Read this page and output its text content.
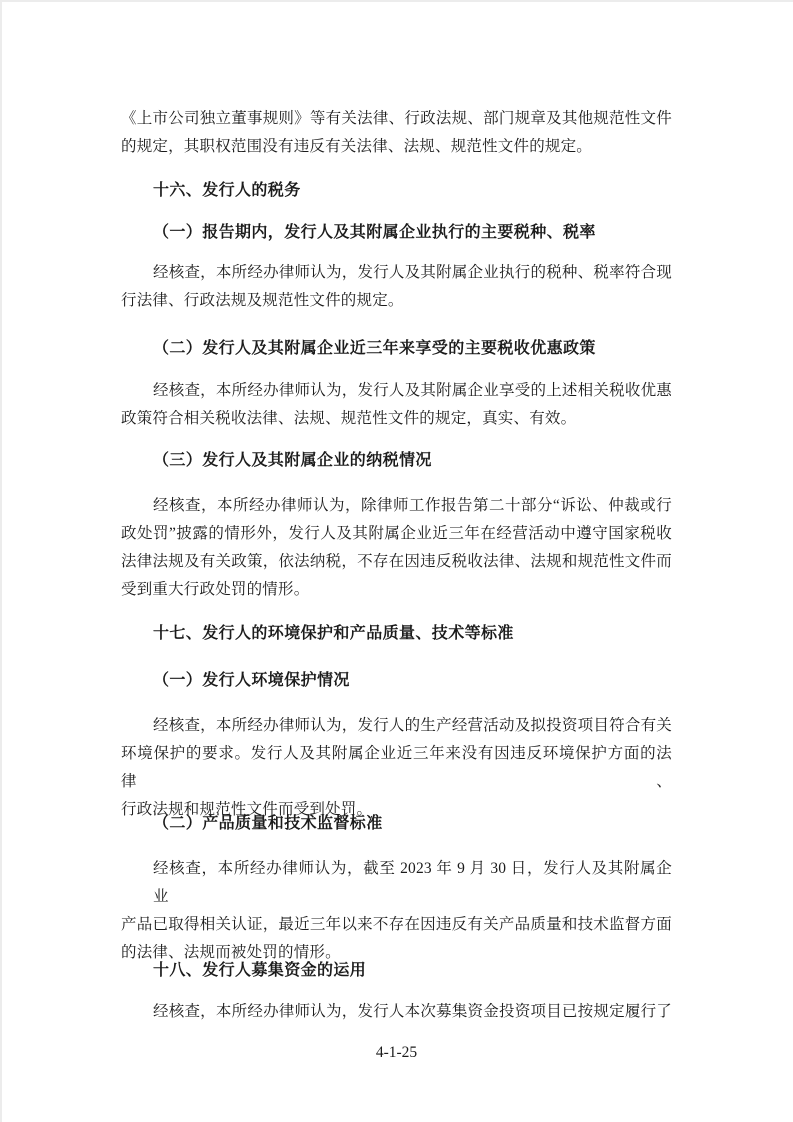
《上市公司独立董事规则》等有关法律、行政法规、部门规章及其他规范性文件
的规定，其职权范围没有违反有关法律、法规、规范性文件的规定。
十六、发行人的税务
（一）报告期内，发行人及其附属企业执行的主要税种、税率
经核查，本所经办律师认为，发行人及其附属企业执行的税种、税率符合现
行法律、行政法规及规范性文件的规定。
（二）发行人及其附属企业近三年来享受的主要税收优惠政策
经核查，本所经办律师认为，发行人及其附属企业享受的上述相关税收优惠
政策符合相关税收法律、法规、规范性文件的规定，真实、有效。
（三）发行人及其附属企业的纳税情况
经核查，本所经办律师认为，除律师工作报告第二十部分“诉讼、仲裁或行
政处罚”披露的情形外，发行人及其附属企业近三年在经营活动中遵守国家税收
法律法规及有关政策，依法纳税，不存在因违反税收法律、法规和规范性文件而
受到重大行政处罚的情形。
十七、发行人的环境保护和产品质量、技术等标准
（一）发行人环境保护情况
经核查，本所经办律师认为，发行人的生产经营活动及拟投资项目符合有关
环境保护的要求。发行人及其附属企业近三年来没有因违反环境保护方面的法律、
行政法规和规范性文件而受到处罚。
（二）产品质量和技术监督标准
经核查，本所经办律师认为，截至 2023 年 9 月 30 日，发行人及其附属企业
产品已取得相关认证，最近三年以来不存在因违反有关产品质量和技术监督方面
的法律、法规而被处罚的情形。
十八、发行人募集资金的运用
经核查，本所经办律师认为，发行人本次募集资金投资项目已按规定履行了
4-1-25
